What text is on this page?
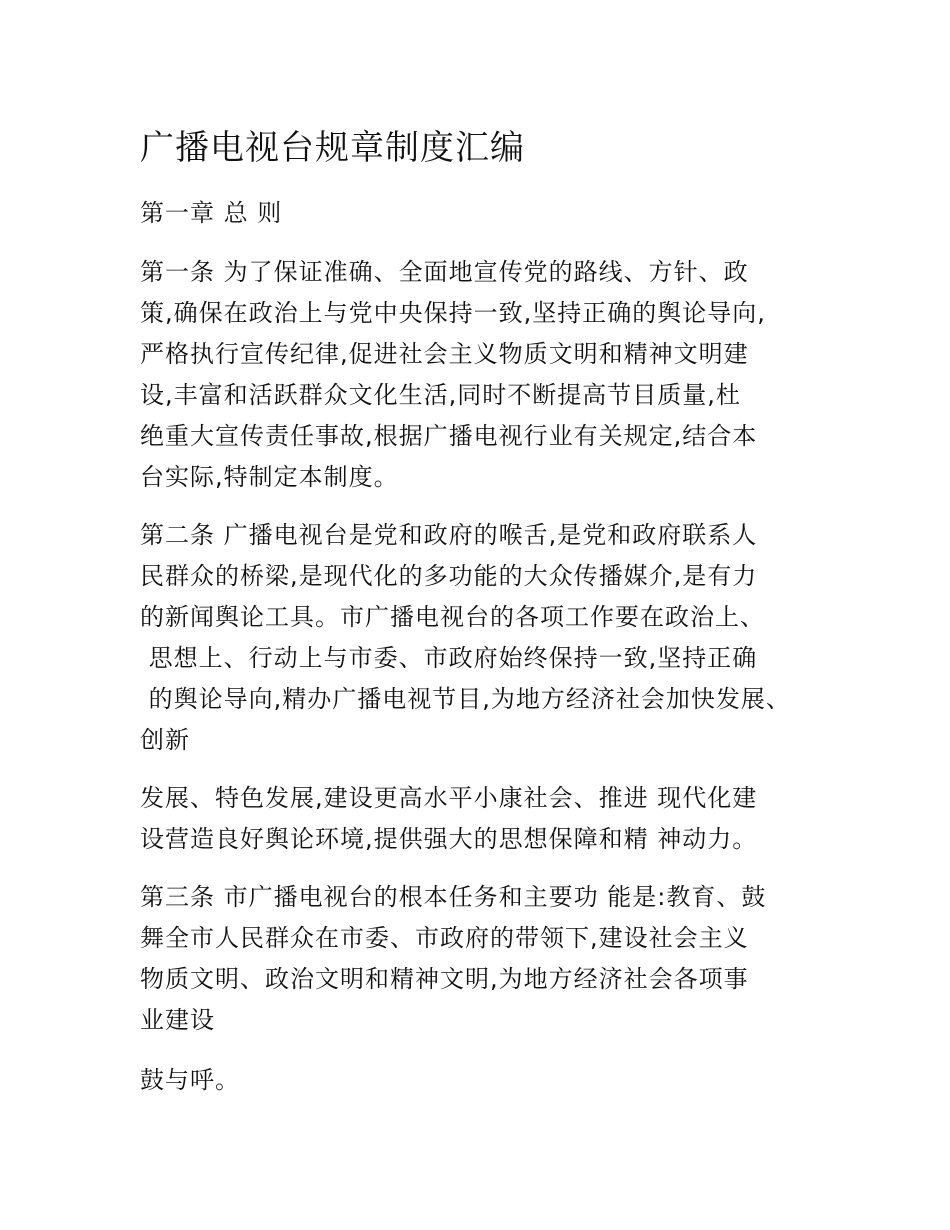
广播电视台规章制度汇编

第一章 总 则

第一条 为了保证准确、全面地宣传党的路线、方针、政

策,确保在政治上与党中央保持一致,坚持正确的舆论导向,

严格执行宣传纪律,促进社会主义物质文明和精神文明建

设,丰富和活跃群众文化生活,同时不断提高节目质量,杜

绝重大宣传责任事故,根据广播电视行业有关规定,结合本

台实际,特制定本制度。

第二条 广播电视台是党和政府的喉舌,是党和政府联系人

民群众的桥梁,是现代化的多功能的大众传播媒介,是有力

的新闻舆论工具。市广播电视台的各项工作要在政治上、

思想上、行动上与市委、市政府始终保持一致,坚持正确

的舆论导向,精办广播电视节目,为地方经济社会加快发展、

创新

发展、特色发展,建设更高水平小康社会、推进 现代化建

设营造良好舆论环境,提供强大的思想保障和精 神动力。

第三条 市广播电视台的根本任务和主要功 能是:教育、鼓

舞全市人民群众在市委、市政府的带领下,建设社会主义

物质文明、政治文明和精神文明,为地方经济社会各项事

业建设

鼓与呼。
